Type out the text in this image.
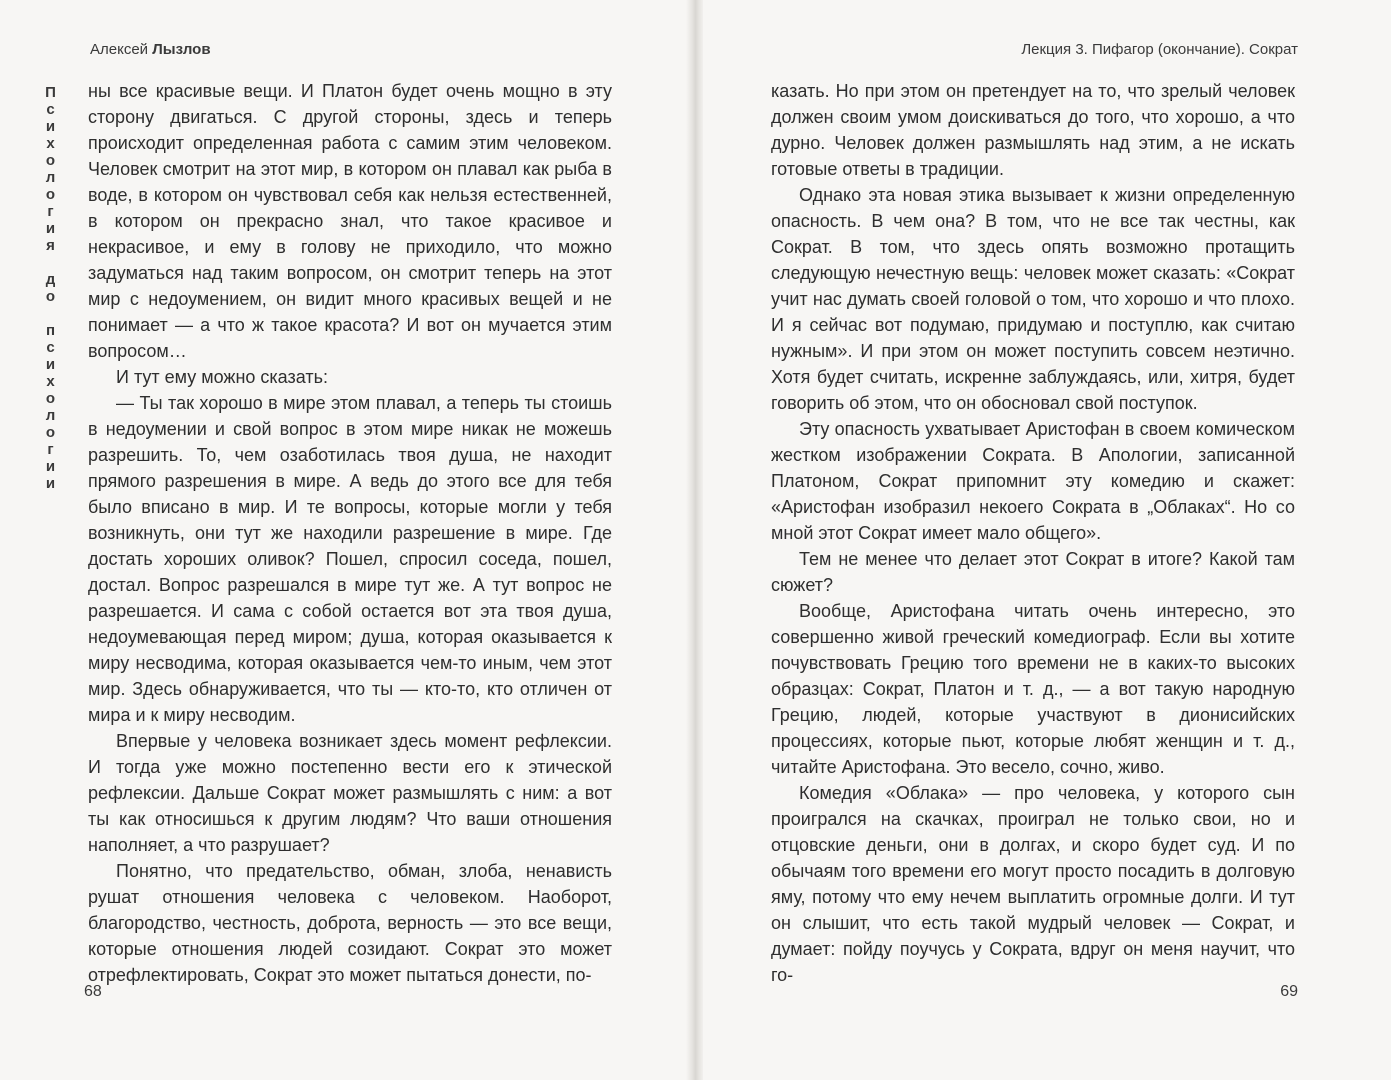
Алексей Лызлов
Психология до психологии ны все красивые вещи. И Платон будет очень мощно в эту сторону двигаться. С другой стороны, здесь и теперь происходит определенная работа с самим этим человеком. Человек смотрит на этот мир, в котором он плавал как рыба в воде, в котором он чувствовал себя как нельзя естественней, в котором он прекрасно знал, что такое красивое и некрасивое, и ему в голову не приходило, что можно задуматься над таким вопросом, он смотрит теперь на этот мир с недоумением, он видит много красивых вещей и не понимает — а что ж такое красота? И вот он мучается этим вопросом…

И тут ему можно сказать:

— Ты так хорошо в мире этом плавал, а теперь ты стоишь в недоумении и свой вопрос в этом мире никак не можешь разрешить. То, чем озаботилась твоя душа, не находит прямого разрешения в мире. А ведь до этого все для тебя было вписано в мир. И те вопросы, которые могли у тебя возникнуть, они тут же находили разрешение в мире. Где достать хороших оливок? Пошел, спросил соседа, пошел, достал. Вопрос разрешался в мире тут же. А тут вопрос не разрешается. И сама с собой остается вот эта твоя душа, недоумевающая перед миром; душа, которая оказывается к миру несводима, которая оказывается чем-то иным, чем этот мир. Здесь обнаруживается, что ты — кто-то, кто отличен от мира и к миру несводим.

Впервые у человека возникает здесь момент рефлексии. И тогда уже можно постепенно вести его к этической рефлексии. Дальше Сократ может размышлять с ним: а вот ты как относишься к другим людям? Что ваши отношения наполняет, а что разрушает?

Понятно, что предательство, обман, злоба, ненависть рушат отношения человека с человеком. Наоборот, благородство, честность, доброта, верность — это все вещи, которые отношения людей созидают. Сократ это может отрефлектировать, Сократ это может пытаться донести, по-

68
Лекция 3. Пифагор (окончание). Сократ

казать. Но при этом он претендует на то, что зрелый человек должен своим умом доискиваться до того, что хорошо, а что дурно. Человек должен размышлять над этим, а не искать готовые ответы в традиции.

Однако эта новая этика вызывает к жизни определенную опасность. В чем она? В том, что не все так честны, как Сократ. В том, что здесь опять возможно протащить следующую нечестную вещь: человек может сказать: «Сократ учит нас думать своей головой о том, что хорошо и что плохо. И я сейчас вот подумаю, придумаю и поступлю, как считаю нужным». И при этом он может поступить совсем неэтично. Хотя будет считать, искренне заблуждаясь, или, хитря, будет говорить об этом, что он обосновал свой поступок.

Эту опасность ухватывает Аристофан в своем комическом жестком изображении Сократа. В Апологии, записанной Платоном, Сократ припомнит эту комедию и скажет: «Аристофан изобразил некоего Сократа в „Облаках“. Но со мной этот Сократ имеет мало общего».

Тем не менее что делает этот Сократ в итоге? Какой там сюжет?

Вообще, Аристофана читать очень интересно, это совершенно живой греческий комедиограф. Если вы хотите почувствовать Грецию того времени не в каких-то высоких образцах: Сократ, Платон и т. д., — а вот такую народную Грецию, людей, которые участвуют в дионисийских процессиях, которые пьют, которые любят женщин и т. д., читайте Аристофана. Это весело, сочно, живо.

Комедия «Облака» — про человека, у которого сын проигрался на скачках, проиграл не только свои, но и отцовские деньги, они в долгах, и скоро будет суд. И по обычаям того времени его могут просто посадить в долговую яму, потому что ему нечем выплатить огромные долги. И тут он слышит, что есть такой мудрый человек — Сократ, и думает: пойду поучусь у Сократа, вдруг он меня научит, что го-

69
